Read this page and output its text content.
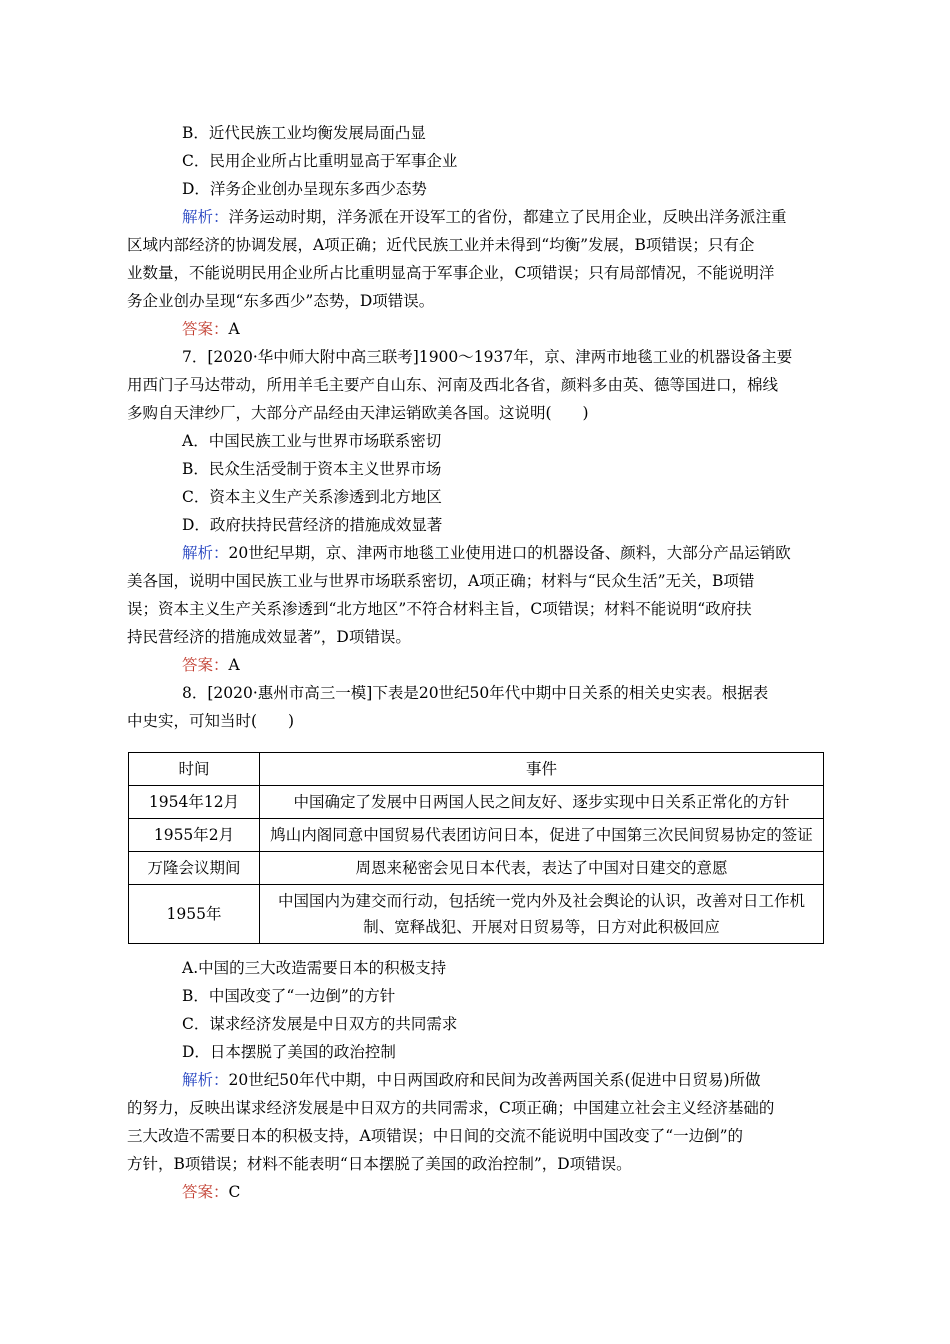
B．近代民族工业均衡发展局面凸显
C．民用企业所占比重明显高于军事企业
D．洋务企业创办呈现东多西少态势
解析：洋务运动时期，洋务派在开设军工的省份，都建立了民用企业，反映出洋务派注重
区域内部经济的协调发展，A项正确；近代民族工业并未得到“均衡”发展，B项错误；只有企
业数量，不能说明民用企业所占比重明显高于军事企业，C项错误；只有局部情况，不能说明洋
务企业创办呈现“东多西少”态势，D项错误。
答案：A
7．[2020·华中师大附中高三联考]1900～1937年，京、津两市地毯工业的机器设备主要
用西门子马达带动，所用羊毛主要产自山东、河南及西北各省，颜料多由英、德等国进口，棉线
多购自天津纱厂，大部分产品经由天津运销欧美各国。这说明(　　)
A．中国民族工业与世界市场联系密切
B．民众生活受制于资本主义世界市场
C．资本主义生产关系渗透到北方地区
D．政府扶持民营经济的措施成效显著
解析：20世纪早期，京、津两市地毯工业使用进口的机器设备、颜料，大部分产品运销欧
美各国，说明中国民族工业与世界市场联系密切，A项正确；材料与“民众生活”无关，B项错
误；资本主义生产关系渗透到“北方地区”不符合材料主旨，C项错误；材料不能说明“政府扶
持民营经济的措施成效显著”，D项错误。
答案：A
8．[2020·惠州市高三一模]下表是20世纪50年代中期中日关系的相关史实表。根据表
中史实，可知当时(　　)
时间	事件
1954年12月	中国确定了发展中日两国人民之间友好、逐步实现中日关系正常化的方针
1955年2月	鸠山内阁同意中国贸易代表团访问日本，促进了中国第三次民间贸易协定的签证
万隆会议期间	周恩来秘密会见日本代表，表达了中国对日建交的意愿
1955年	中国国内为建交而行动，包括统一党内外及社会舆论的认识，改善对日工作机制、宽释战犯、开展对日贸易等，日方对此积极回应
A.中国的三大改造需要日本的积极支持
B．中国改变了“一边倒”的方针
C．谋求经济发展是中日双方的共同需求
D．日本摆脱了美国的政治控制
解析：20世纪50年代中期，中日两国政府和民间为改善两国关系(促进中日贸易)所做
的努力，反映出谋求经济发展是中日双方的共同需求，C项正确；中国建立社会主义经济基础的
三大改造不需要日本的积极支持，A项错误；中日间的交流不能说明中国改变了“一边倒”的
方针，B项错误；材料不能表明“日本摆脱了美国的政治控制”，D项错误。
答案：C
